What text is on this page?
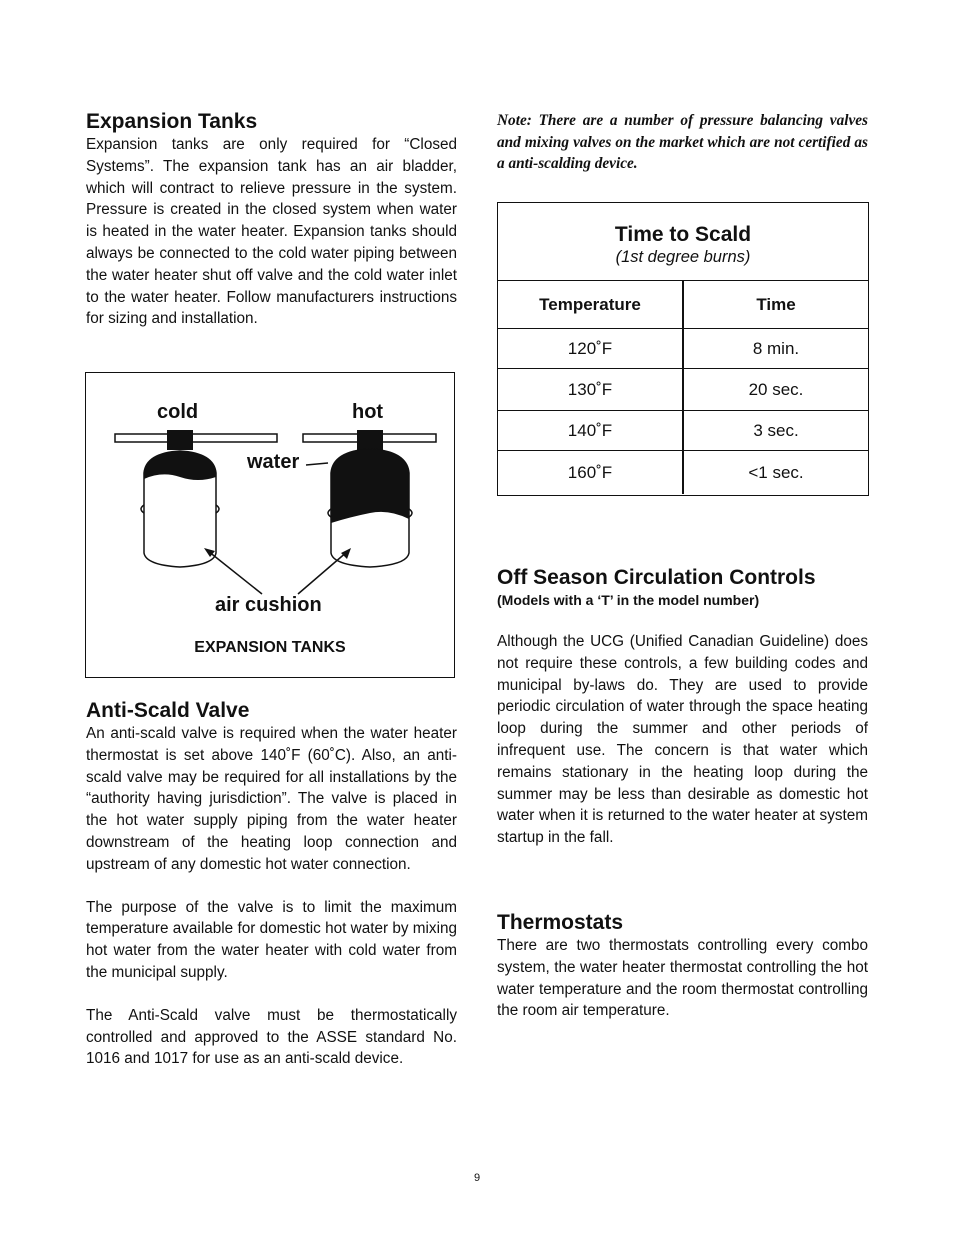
Expansion Tanks

Expansion tanks are only required for “Closed Systems”. The expansion tank has an air bladder, which will contract to relieve pressure in the system. Pressure is created in the closed system when water is heated in the water heater. Expansion tanks should always be connected to the cold water piping between the water heater shut off valve and the cold water inlet to the water heater. Follow manufacturers instructions for sizing and installation.

cold	hot
water
air cushion
EXPANSION TANKS
Anti-Scald Valve

An anti-scald valve is required when the water heater thermostat is set above 140˚F (60˚C). Also, an anti-scald valve may be required for all installations by the “authority having jurisdiction”. The valve is placed in the hot water supply piping from the water heater downstream of the heating loop connection and upstream of any domestic hot water connection.

The purpose of the valve is to limit the maximum temperature available for domestic hot water by mixing hot water from the water heater with cold water from the municipal supply.

The Anti-Scald valve must be thermostatically controlled and approved to the ASSE standard No. 1016 and 1017 for use as an anti-scald device.

Note: There are a number of pressure balancing valves and mixing valves on the market which are not certified as a anti-scalding device.

Time to Scald
(1st degree burns)
Temperature	Time
120˚F	8 min.
130˚F	20 sec.
140˚F	3 sec.
160˚F	<1 sec.
Off Season Circulation Controls

(Models with a ‘T’ in the model number)

Although the UCG (Unified Canadian Guideline) does not require these controls, a few building codes and municipal by-laws do. They are used to provide periodic circulation of water through the space heating loop during the summer and other periods of infrequent use. The concern is that water which remains stationary in the heating loop during the summer may be less than desirable as domestic hot water when it is returned to the water heater at system startup in the fall.

Thermostats

There are two thermostats controlling every combo system, the water heater thermostat controlling the hot water temperature and the room thermostat controlling the room air temperature.

9
